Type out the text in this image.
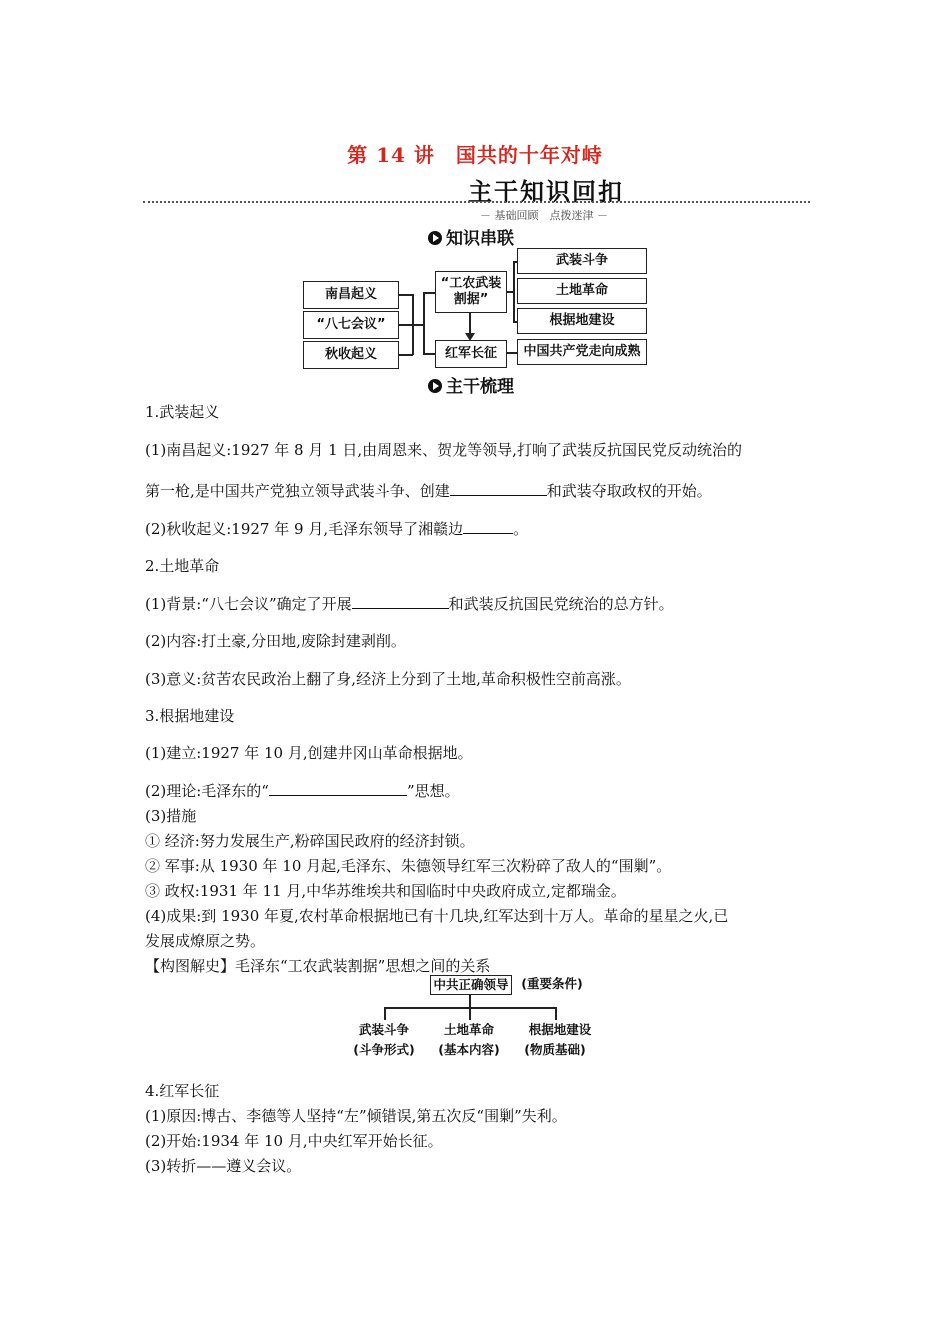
第 14 讲　国共的十年对峙
主干知识回扣
－ 基础回顾　点拨迷津 －
知识串联
南昌起义
“八七会议”
秋收起义
“工农武装割据”
红军长征
武装斗争
土地革命
根据地建设
中国共产党走向成熟
主干梳理
1.武装起义
(1)南昌起义:1927 年 8 月 1 日,由周恩来、贺龙等领导,打响了武装反抗国民党反动统治的
第一枪,是中国共产党独立领导武装斗争、创建	和武装夺取政权的开始。
(2)秋收起义:1927 年 9 月,毛泽东领导了湘赣边	。
2.土地革命
(1)背景:“八七会议”确定了开展	和武装反抗国民党统治的总方针。
(2)内容:打土豪,分田地,废除封建剥削。
(3)意义:贫苦农民政治上翻了身,经济上分到了土地,革命积极性空前高涨。
3.根据地建设
(1)建立:1927 年 10 月,创建井冈山革命根据地。
(2)理论:毛泽东的“	”思想。
(3)措施
① 经济:努力发展生产,粉碎国民政府的经济封锁。
② 军事:从 1930 年 10 月起,毛泽东、朱德领导红军三次粉碎了敌人的“围剿”。
③ 政权:1931 年 11 月,中华苏维埃共和国临时中央政府成立,定都瑞金。
(4)成果:到 1930 年夏,农村革命根据地已有十几块,红军达到十万人。革命的星星之火,已
发展成燎原之势。
【构图解史】毛泽东“工农武装割据”思想之间的关系
中共正确领导	(重要条件)
武装斗争
(斗争形式)
土地革命
(基本内容)
根据地建设
(物质基础)
4.红军长征
(1)原因:博古、李德等人坚持“左”倾错误,第五次反“围剿”失利。
(2)开始:1934 年 10 月,中央红军开始长征。
(3)转折——遵义会议。
